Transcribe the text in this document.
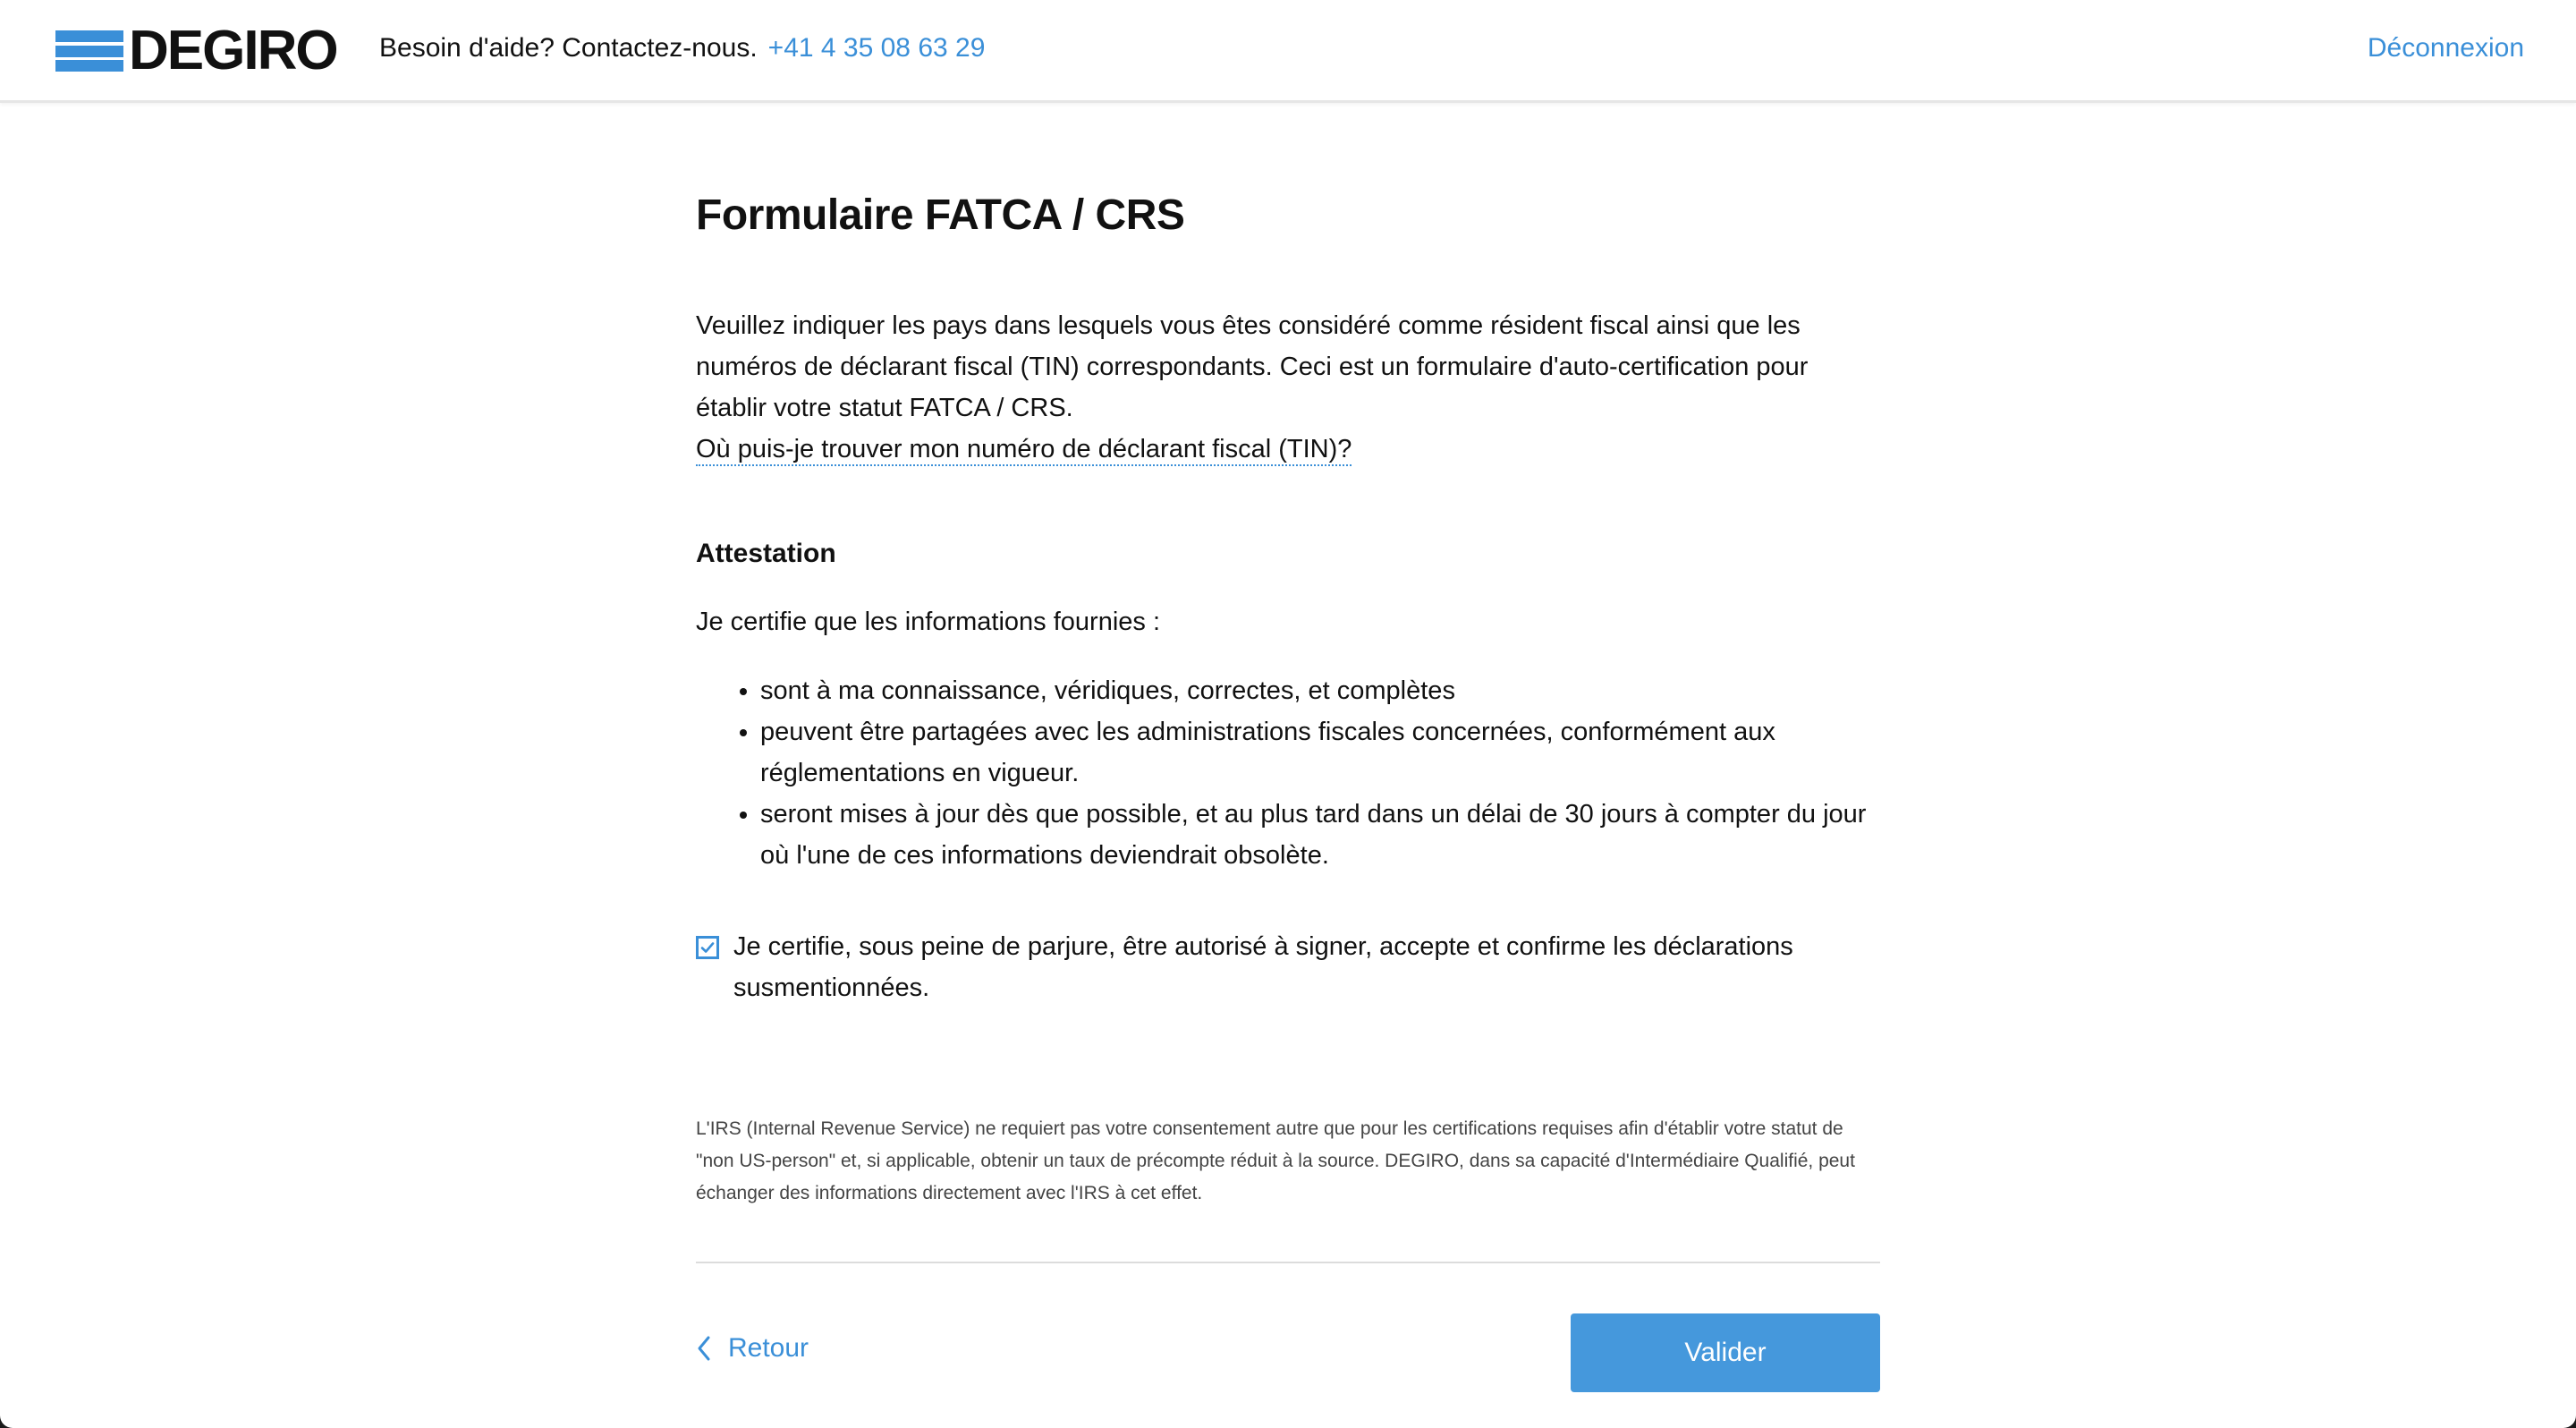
DEGIRO Besoin d'aide? Contactez-nous. +41 4 35 08 63 29	Déconnexion
Formulaire FATCA / CRS
Veuillez indiquer les pays dans lesquels vous êtes considéré comme résident fiscal ainsi que les numéros de déclarant fiscal (TIN) correspondants. Ceci est un formulaire d'auto-certification pour établir votre statut FATCA / CRS.
Où puis-je trouver mon numéro de déclarant fiscal (TIN)?
Attestation

Je certifie que les informations fournies :

• sont à ma connaissance, véridiques, correctes, et complètes
• peuvent être partagées avec les administrations fiscales concernées, conformément aux réglementations en vigueur.
• seront mises à jour dès que possible, et au plus tard dans un délai de 30 jours à compter du jour où l'une de ces informations deviendrait obsolète.
Je certifie, sous peine de parjure, être autorisé à signer, accepte et confirme les déclarations susmentionnées.

L'IRS (Internal Revenue Service) ne requiert pas votre consentement autre que pour les certifications requises afin d'établir votre statut de "non US-person" et, si applicable, obtenir un taux de précompte réduit à la source. DEGIRO, dans sa capacité d'Intermédiaire Qualifié, peut échanger des informations directement avec l'IRS à cet effet.

Retour	Valider
